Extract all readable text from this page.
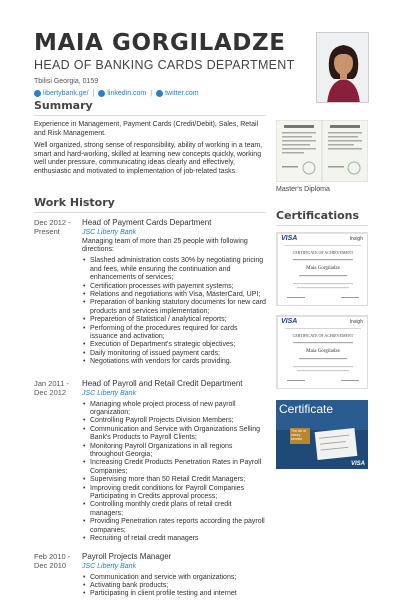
MAIA GORGILADZE
HEAD OF BANKING CARDS DEPARTMENT
Tbilisi Georgia, 0159
libertybank.ge/ | linkedin.com | twitter.com
Summary

Experience in Management, Payment Cards (Credit/Debit), Sales, Retail and Risk Management.

Well organized, strong sense of responsibility, ability of working in a team, smart and hard-working, skilled at learning new concepts quickly, working well under pressure, communicating ideas clearly and effectively, enthusiastic and motivated to implementation of job-related tasks.

Work History
Dec 2012 - Present
Head of Payment Cards Department
JSC Liberty Bank
Managing team of more than 25 people with following directions:
• Slashed administration costs 30% by negotiating pricing and fees, while ensuring the continuation and enhancements of services;
• Certification processes with payemnt systems;
• Relations and negotiations with Visa, MasterCard, UPI;
• Preparation of banking statutory documents for new card products and services implementation;
• Preparetion of Statistical / analytical reports;
• Performing of the procedures required for cards issuance and activation;
• Execution of Department's strategic objectives;
• Daily monitoring of issued payment cards;
• Negotiations with vendors for cards providing.
Jan 2011 - Dec 2012
Head of Payroll and Retail Credit Department
JSC Liberty Bank
• Managing whole project process of new payroll organization;
• Controlling Payroll Projects Division Members;
• Communication and Service with Organizations Selling Bank's Products to Payroll Clients;
• Monitoring Payroll Organizations in all regions throughout Georgia;
• Increasing Credit Products Penetration Rates in Payroll Companies;
• Supervising more than 50 Retail Credit Managers;
• Improving credit conditions for Payroll Companies Participating in Credits approval process;
• Controlling monthly credit plans of retail credit managers;
• Providing Penetration rates reports according the payroll companies;
• Recruiting of retail credit managers
Feb 2010 - Dec 2010
Payroll Projects Manager
JSC Liberty Bank
• Communication and service with organizations;
• Activating bank products;
• Participating in client profile testing and internet
Master's Diploma
Certifications
VISA	Insigh
CERTIFICATE OF ACHIEVEMENT
Maia Gorgiladze
VISA	Insigh
CERTIFICATE OF ACHIEVEMENT
Maia Gorgiladze
Certificate
The Art of luxury service
VISA
